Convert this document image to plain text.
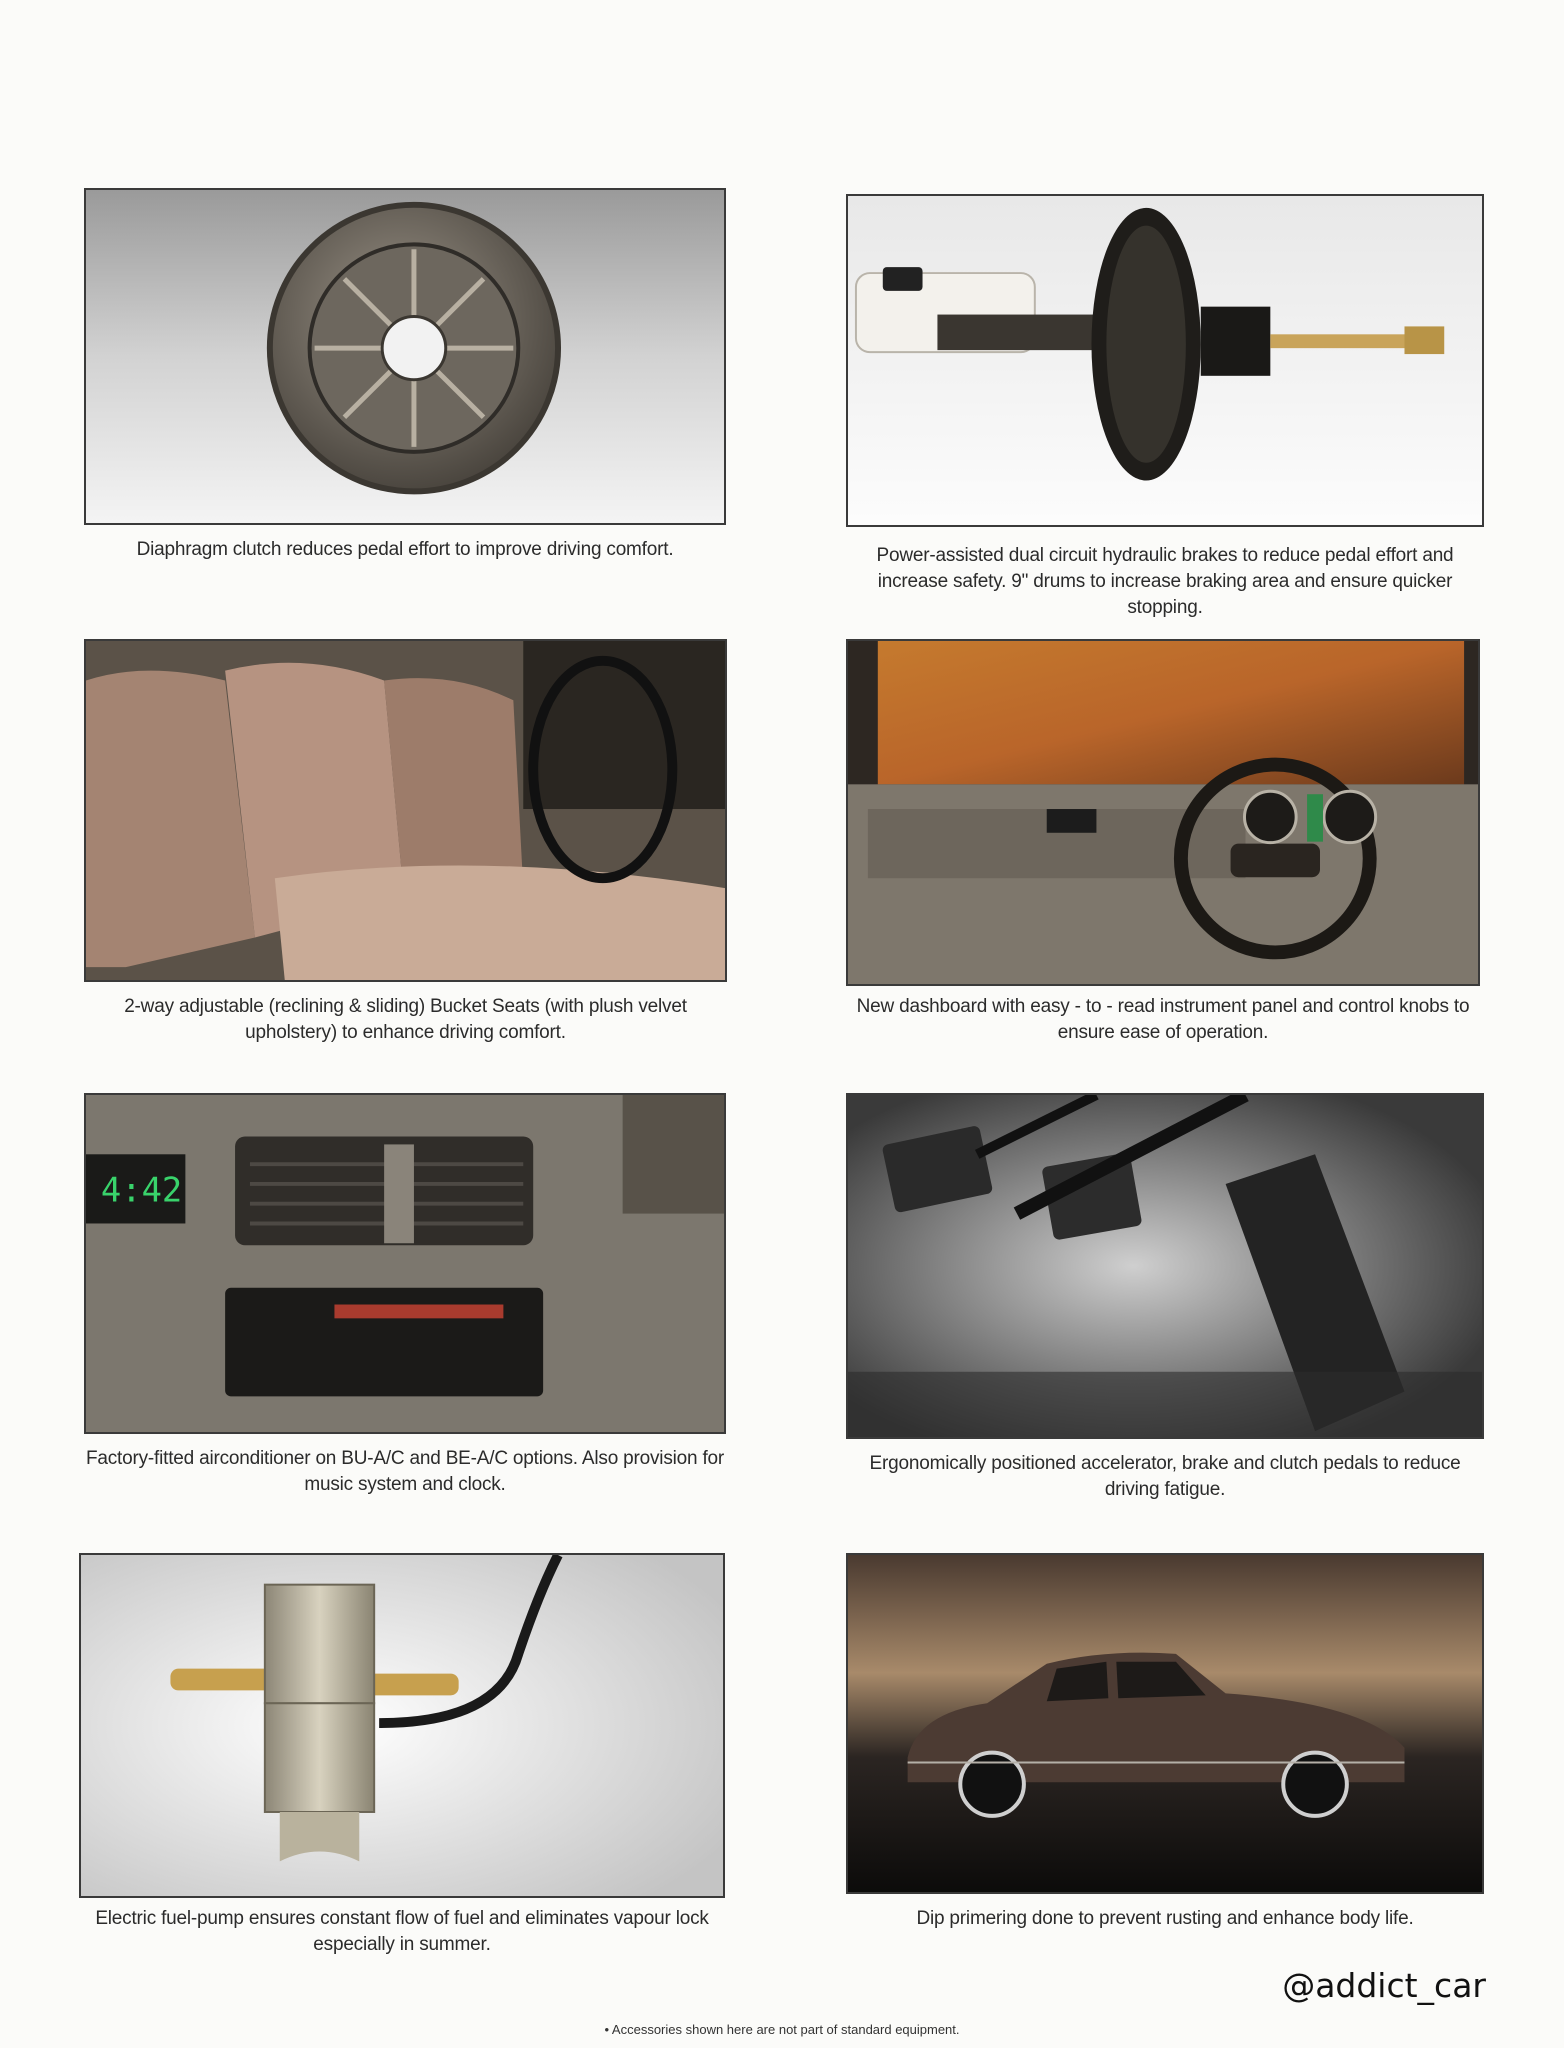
Diaphragm clutch reduces pedal effort to improve driving comfort.	Power-assisted dual circuit hydraulic brakes to reduce pedal effort and increase safety. 9" drums to increase braking area and ensure quicker stopping.
2-way adjustable (reclining & sliding) Bucket Seats (with plush velvet upholstery) to enhance driving comfort.
New dashboard with easy - to - read instrument panel and control knobs to ensure ease of operation.
4:42
Factory-fitted airconditioner on BU-A/C and BE-A/C options. Also provision for music system and clock.
Ergonomically positioned accelerator, brake and clutch pedals to reduce driving fatigue.
Electric fuel-pump ensures constant flow of fuel and eliminates vapour lock especially in summer.
Dip primering done to prevent rusting and enhance body life.
@addict_car
• Accessories shown here are not part of standard equipment.
